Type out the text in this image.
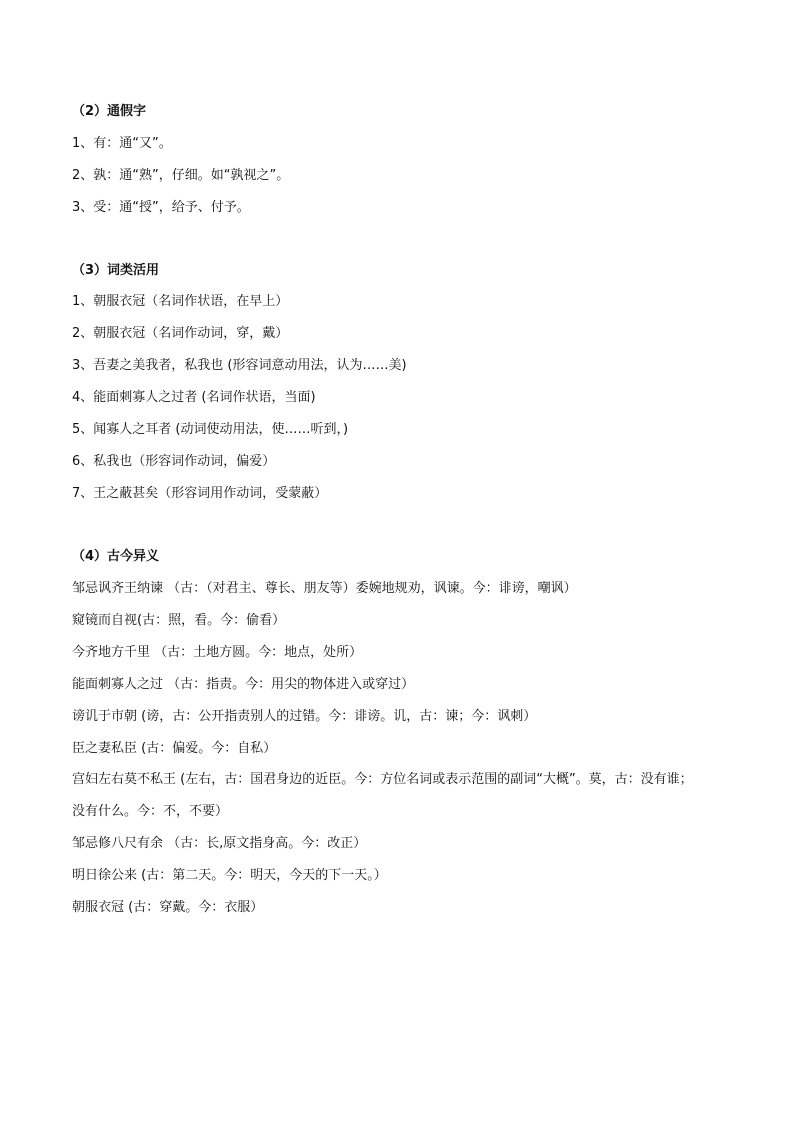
（2）通假字
1、有：通“又”。
2、孰：通“熟”，仔细。如“孰视之”。
3、受：通“授”，给予、付予。
（3）词类活用
1、朝服衣冠（名词作状语，在早上）
2、朝服衣冠（名词作动词，穿，戴）
3、吾妻之美我者，私我也 (形容词意动用法，认为……美)
4、能面刺寡人之过者 (名词作状语，当面)
5、闻寡人之耳者 (动词使动用法，使……听到，)
6、私我也（形容词作动词，偏爱）
7、王之蔽甚矣（形容词用作动词，受蒙蔽）
（4）古今异义
邹忌讽齐王纳谏 （古：（对君主、尊长、朋友等）委婉地规劝，讽谏。今：诽谤，嘲讽）
窥镜而自视(古：照，看。今：偷看）
今齐地方千里 （古：土地方圆。今：地点，处所）
能面刺寡人之过 （古：指责。今：用尖的物体进入或穿过）
谤讥于市朝 (谤，古：公开指责别人的过错。今：诽谤。讥，古：谏；今：讽刺）
臣之妻私臣 (古：偏爱。今：自私）
宫妇左右莫不私王 (左右，古：国君身边的近臣。今：方位名词或表示范围的副词“大概”。莫，古：没有谁；
没有什么。今：不，不要）
邹忌修八尺有余 （古：长,原文指身高。今：改正）
明日徐公来 (古：第二天。今：明天，今天的下一天。）
朝服衣冠 (古：穿戴。今：衣服）
